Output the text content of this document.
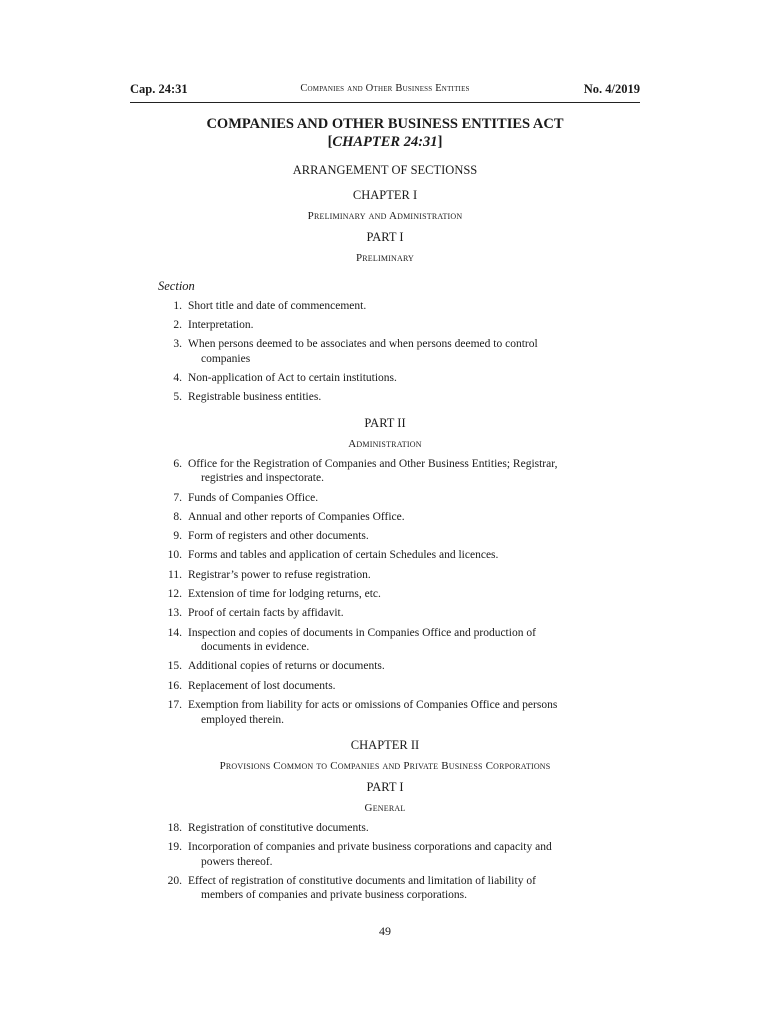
Cap. 24:31	Companies and Other Business Entities	No. 4/2019
COMPANIES AND OTHER BUSINESS ENTITIES ACT
[CHAPTER 24:31]
ARRANGEMENT OF SECTIONSS
CHAPTER I
Preliminary and Administration
PART I
Preliminary
Section
1. Short title and date of commencement.
2. Interpretation.
3. When persons deemed to be associates and when persons deemed to control
companies
4. Non-application of Act to certain institutions.
5. Registrable business entities.
PART II
Administration
6. Office for the Registration of Companies and Other Business Entities; Registrar,
registries and inspectorate.
7. Funds of Companies Office.
8. Annual and other reports of Companies Office.
9. Form of registers and other documents.
10. Forms and tables and application of certain Schedules and licences.
11. Registrar’s power to refuse registration.
12. Extension of time for lodging returns, etc.
13. Proof of certain facts by affidavit.
14. Inspection and copies of documents in Companies Office and production of
documents in evidence.
15. Additional copies of returns or documents.
16. Replacement of lost documents.
17. Exemption from liability for acts or omissions of Companies Office and persons
employed therein.
CHAPTER II
Provisions Common to Companies and Private Business Corporations
PART I
General
18. Registration of constitutive documents.
19. Incorporation of companies and private business corporations and capacity and
powers thereof.
20. Effect of registration of constitutive documents and limitation of liability of
members of companies and private business corporations.
49
